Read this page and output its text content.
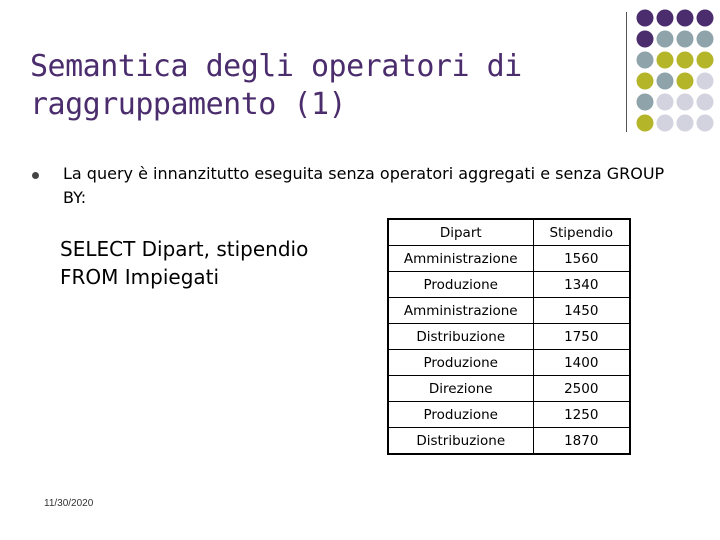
Semantica degli operatori di
raggruppamento (1)
La query è innanzitutto eseguita senza operatori aggregati e senza GROUP BY:
SELECT Dipart, stipendio
FROM Impiegati
Dipart	Stipendio
Amministrazione	1560
Produzione	1340
Amministrazione	1450
Distribuzione	1750
Produzione	1400
Direzione	2500
Produzione	1250
Distribuzione	1870
11/30/2020
